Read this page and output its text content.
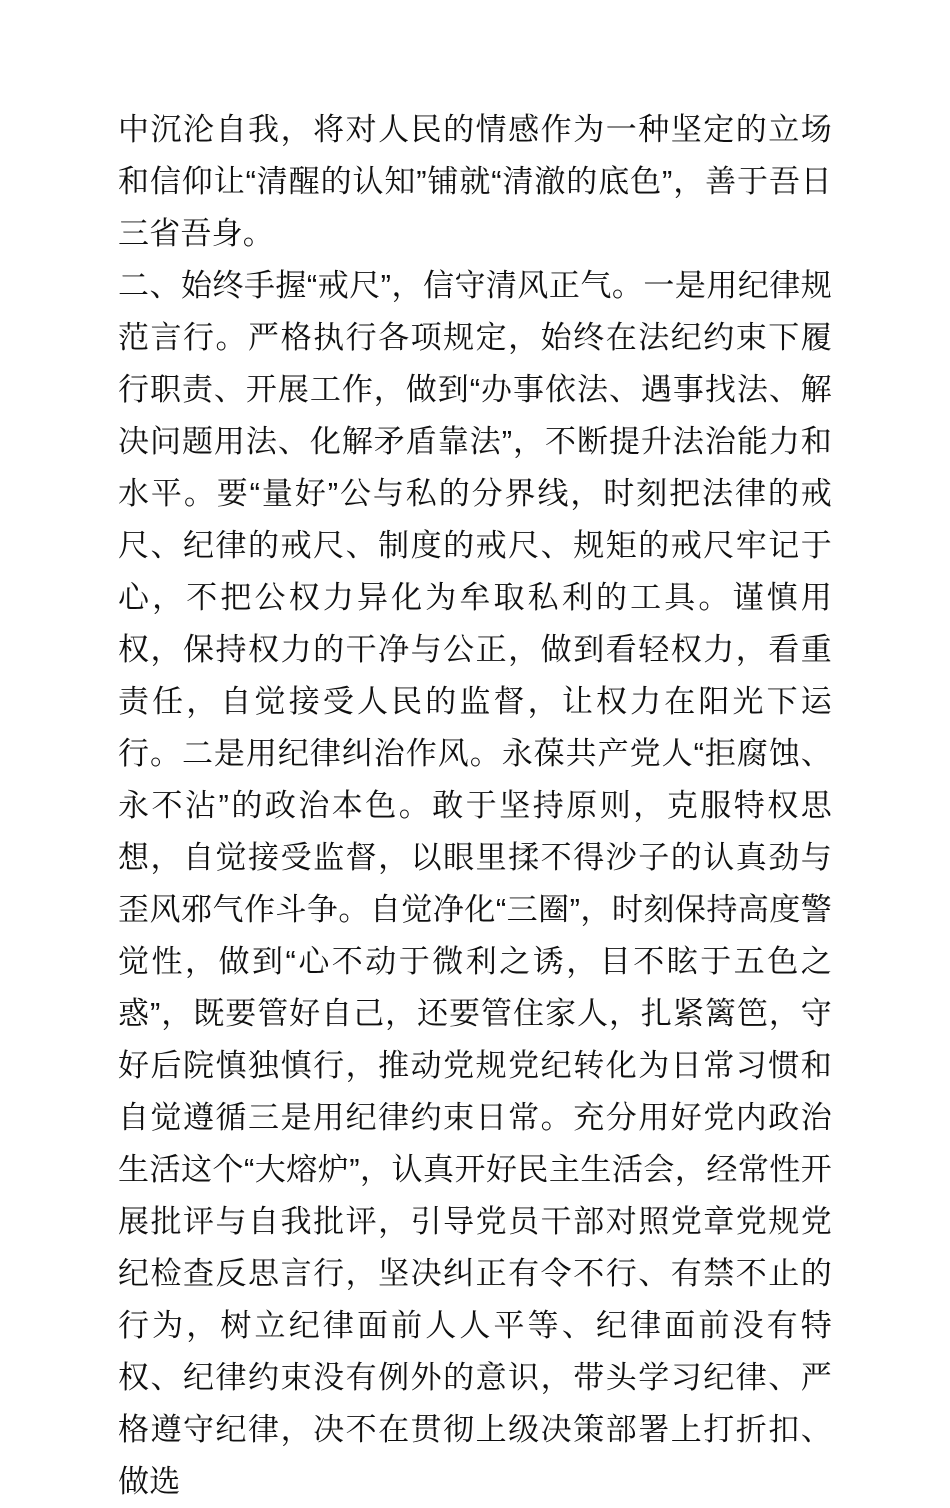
中沉沦自我，将对人民的情感作为一种坚定的立场和信仰让“清醒的认知”铺就“清澈的底色”，善于吾日三省吾身。

二、始终手握“戒尺”，信守清风正气。一是用纪律规范言行。严格执行各项规定，始终在法纪约束下履行职责、开展工作，做到“办事依法、遇事找法、解决问题用法、化解矛盾靠法”，不断提升法治能力和水平。要“量好”公与私的分界线，时刻把法律的戒尺、纪律的戒尺、制度的戒尺、规矩的戒尺牢记于心，不把公权力异化为牟取私利的工具。谨慎用权，保持权力的干净与公正，做到看轻权力，看重责任，自觉接受人民的监督，让权力在阳光下运行。二是用纪律纠治作风。永葆共产党人“拒腐蚀、永不沾”的政治本色。敢于坚持原则，克服特权思想，自觉接受监督，以眼里揉不得沙子的认真劲与歪风邪气作斗争。自觉净化“三圈”，时刻保持高度警觉性，做到“心不动于微利之诱，目不眩于五色之惑”，既要管好自己，还要管住家人，扎紧篱笆，守好后院慎独慎行，推动党规党纪转化为日常习惯和自觉遵循三是用纪律约束日常。充分用好党内政治生活这个“大熔炉”，认真开好民主生活会，经常性开展批评与自我批评，引导党员干部对照党章党规党纪检查反思言行，坚决纠正有令不行、有禁不止的行为，树立纪律面前人人平等、纪律面前没有特权、纪律约束没有例外的意识，带头学习纪律、严格遵守纪律，决不在贯彻上级决策部署上打折扣、做选
